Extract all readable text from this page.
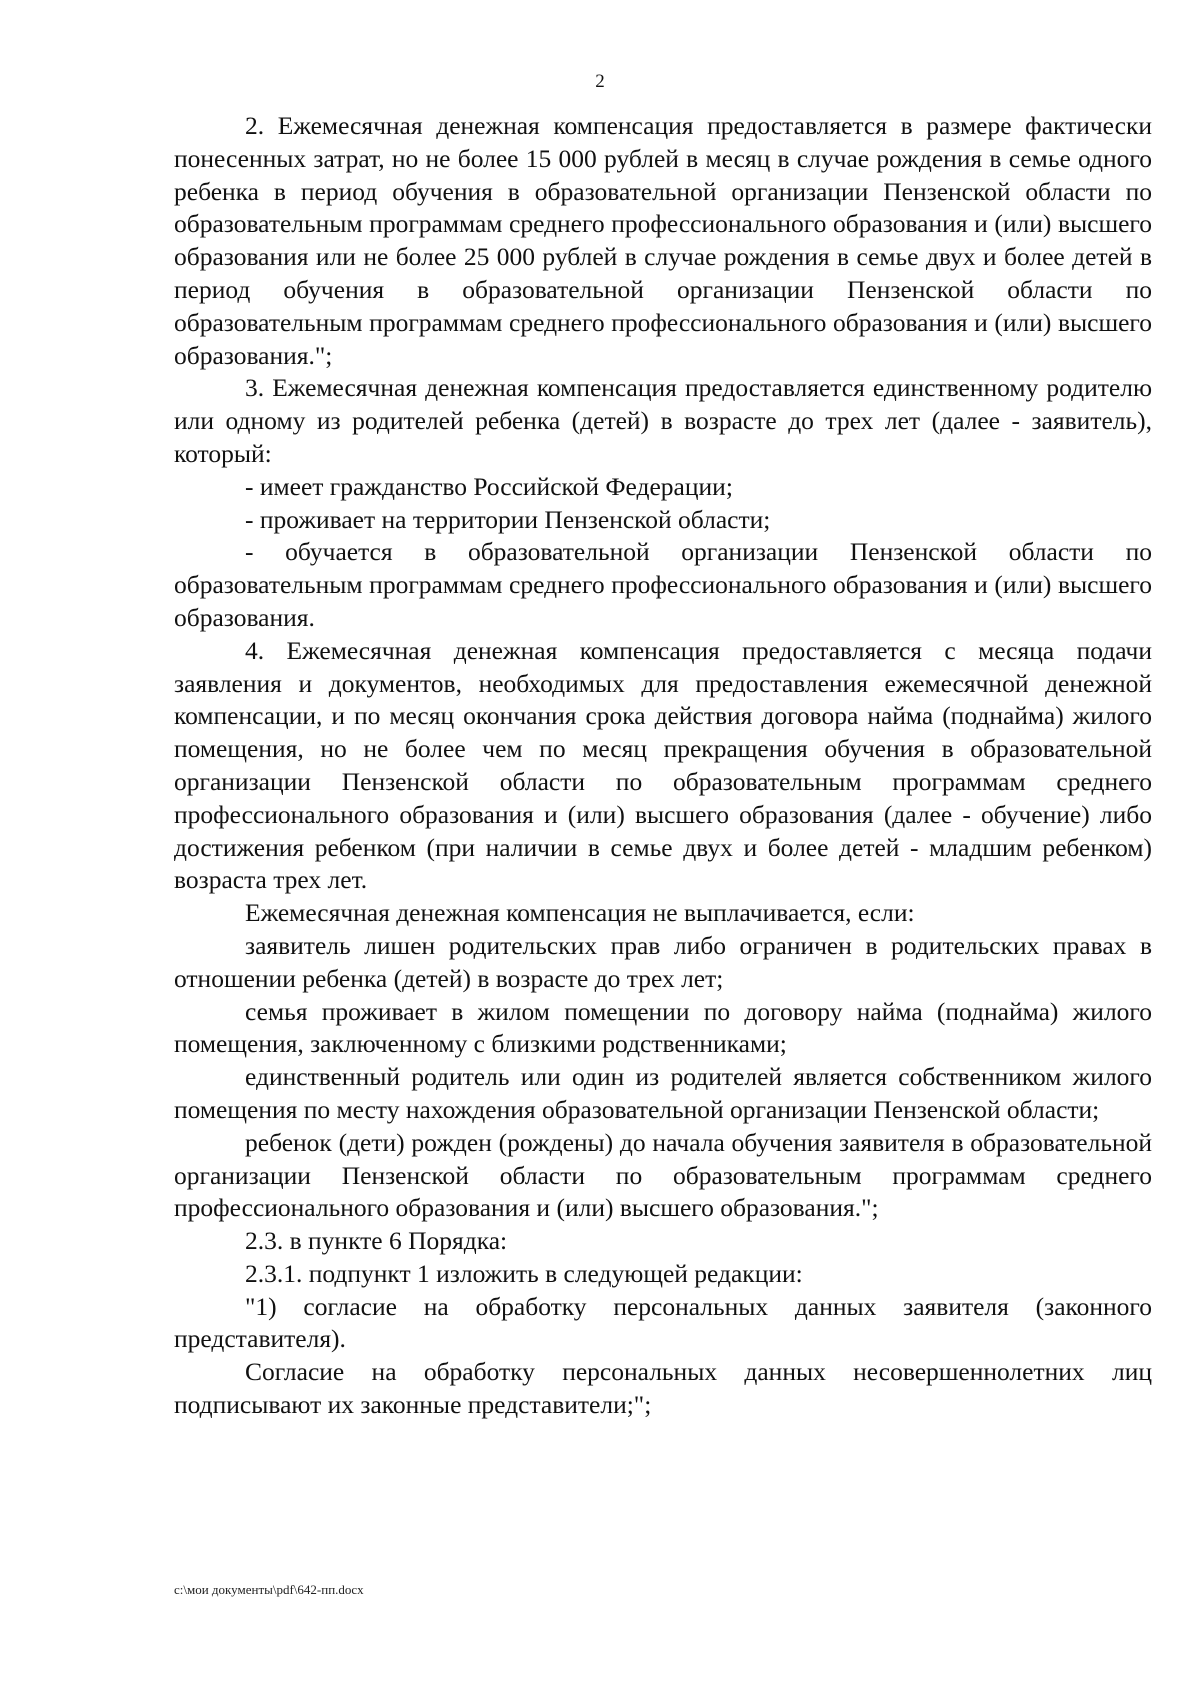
2

2. Ежемесячная денежная компенсация предоставляется в размере фактически понесенных затрат, но не более 15 000 рублей в месяц в случае рождения в семье одного ребенка в период обучения в образовательной организации Пензенской области по образовательным программам среднего профессионального образования и (или) высшего образования или не более 25 000 рублей в случае рождения в семье двух и более детей в период обучения в образовательной организации Пензенской области по образовательным программам среднего профессионального образования и (или) высшего образования.";

3. Ежемесячная денежная компенсация предоставляется единственному родителю или одному из родителей ребенка (детей) в возрасте до трех лет (далее - заявитель), который:

- имеет гражданство Российской Федерации;

- проживает на территории Пензенской области;

- обучается в образовательной организации Пензенской области по образовательным программам среднего профессионального образования и (или) высшего образования.

4. Ежемесячная денежная компенсация предоставляется с месяца подачи заявления и документов, необходимых для предоставления ежемесячной денежной компенсации, и по месяц окончания срока действия договора найма (поднайма) жилого помещения, но не более чем по месяц прекращения обучения в образовательной организации Пензенской области по образовательным программам среднего профессионального образования и (или) высшего образования (далее - обучение) либо достижения ребенком (при наличии в семье двух и более детей - младшим ребенком) возраста трех лет.

Ежемесячная денежная компенсация не выплачивается, если:

заявитель лишен родительских прав либо ограничен в родительских правах в отношении ребенка (детей) в возрасте до трех лет;

семья проживает в жилом помещении по договору найма (поднайма) жилого помещения, заключенному с близкими родственниками;

единственный родитель или один из родителей является собственником жилого помещения по месту нахождения образовательной организации Пензенской области;

ребенок (дети) рожден (рождены) до начала обучения заявителя в образовательной организации Пензенской области по образовательным программам среднего профессионального образования и (или) высшего образования.";

2.3. в пункте 6 Порядка:

2.3.1. подпункт 1 изложить в следующей редакции:

"1) согласие на обработку персональных данных заявителя (законного представителя).

Согласие на обработку персональных данных несовершеннолетних лиц подписывают их законные представители;";

c:\мои документы\pdf\642-пп.docx
